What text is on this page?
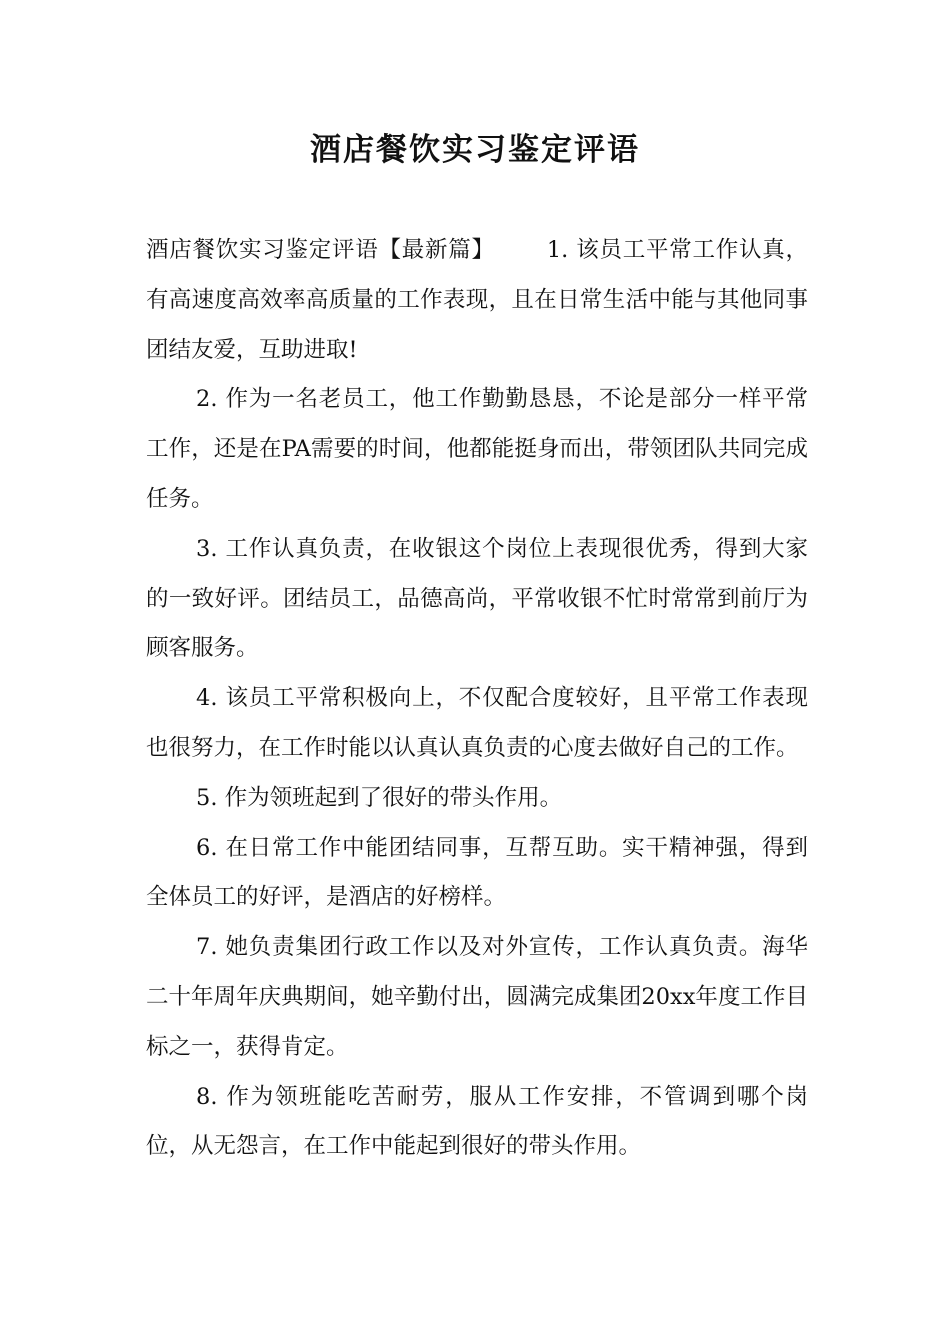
酒店餐饮实习鉴定评语

酒店餐饮实习鉴定评语【最新篇】 1. 该员工平常工作认真，有高速度高效率高质量的工作表现，且在日常生活中能与其他同事团结友爱，互助进取!

2. 作为一名老员工，他工作勤勤恳恳，不论是部分一样平常工作，还是在PA需要的时间，他都能挺身而出，带领团队共同完成任务。

3. 工作认真负责，在收银这个岗位上表现很优秀，得到大家的一致好评。团结员工，品德高尚，平常收银不忙时常常到前厅为顾客服务。

4. 该员工平常积极向上，不仅配合度较好，且平常工作表现也很努力，在工作时能以认真认真负责的心度去做好自己的工作。

5. 作为领班起到了很好的带头作用。

6. 在日常工作中能团结同事，互帮互助。实干精神强，得到全体员工的好评，是酒店的好榜样。

7. 她负责集团行政工作以及对外宣传，工作认真负责。海华二十年周年庆典期间，她辛勤付出，圆满完成集团20xx年度工作目标之一，获得肯定。

8. 作为领班能吃苦耐劳，服从工作安排，不管调到哪个岗位，从无怨言，在工作中能起到很好的带头作用。
